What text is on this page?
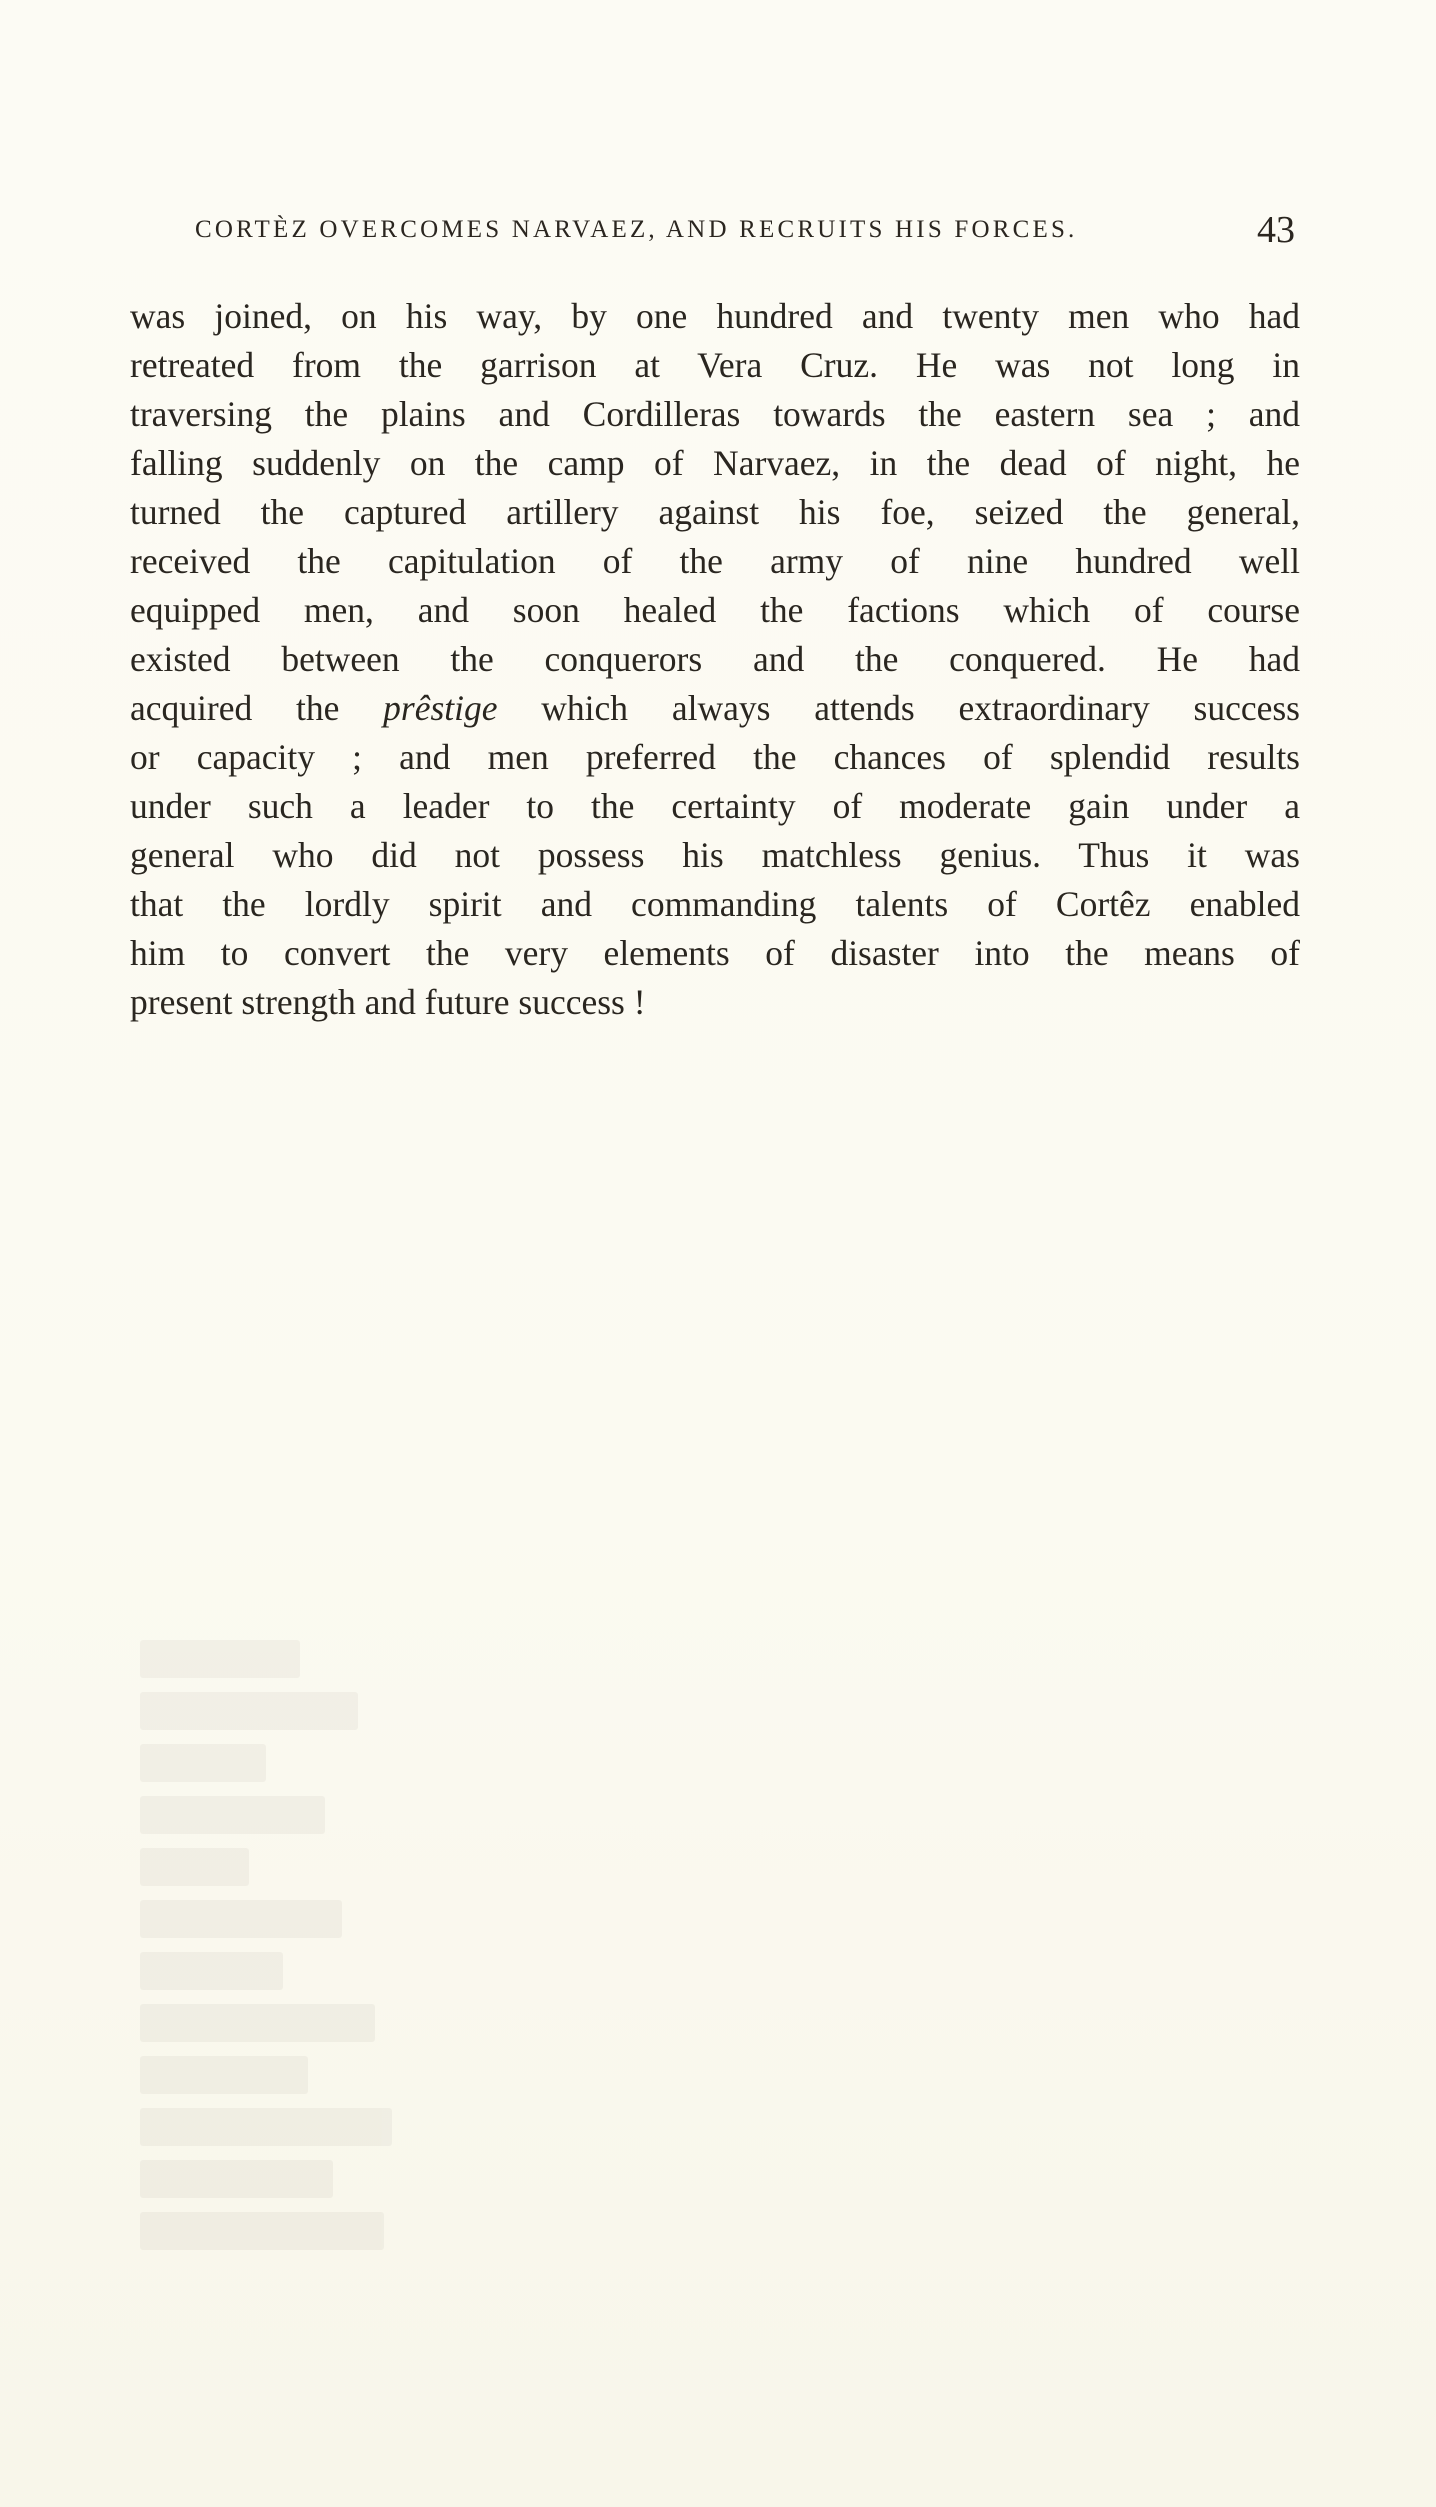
CORTÈZ OVERCOMES NARVAEZ, AND RECRUITS HIS FORCES.	43
was joined, on his way, by one hundred and twenty men who had
retreated from the garrison at Vera Cruz. He was not long in
traversing the plains and Cordilleras towards the eastern sea ; and
falling suddenly on the camp of Narvaez, in the dead of night, he
turned the captured artillery against his foe, seized the general,
received the capitulation of the army of nine hundred well
equipped men, and soon healed the factions which of course
existed between the conquerors and the conquered. He had
acquired the prêstige which always attends extraordinary success
or capacity ; and men preferred the chances of splendid results
under such a leader to the certainty of moderate gain under a
general who did not possess his matchless genius. Thus it was
that the lordly spirit and commanding talents of Cortêz enabled
him to convert the very elements of disaster into the means of
present strength and future success !
